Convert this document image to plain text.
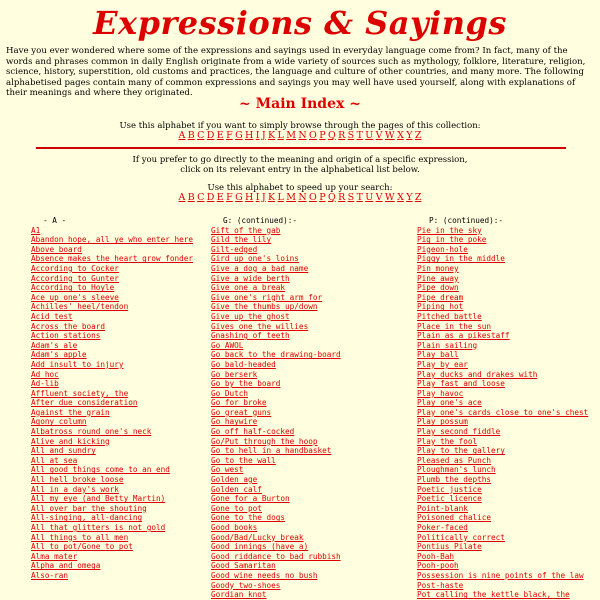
Expressions & Sayings
Have you ever wondered where some of the expressions and sayings used in everyday language come from? In fact, many of the words and phrases common in daily English originate from a wide variety of sources such as mythology, folklore, literature, religion, science, history, superstition, old customs and practices, the language and culture of other countries, and many more. The following alphabetised pages contain many of common expressions and sayings you may well have used yourself, along with explanations of their meanings and where they originated.
~ Main Index ~
Use this alphabet if you want to simply browse through the pages of this collection:
A B C D E F G H I J K L M N O P Q R S T U V W X Y Z
If you prefer to go directly to the meaning and origin of a specific expression,
click on its relevant entry in the alphabetical list below.
Use this alphabet to speed up your search:
A B C D E F G H I J K L M N O P Q R S T U V W X Y Z
- A -
A1
Abandon hope, all ye who enter here
Above board
Absence makes the heart grow fonder
According to Cocker
According to Gunter
According to Hoyle
Ace up one's sleeve
Achilles' heel/tendon
Acid test
Across the board
Action stations
Adam's ale
Adam's apple
Add insult to injury
Ad hoc
Ad-lib
Affluent society, the
After due consideration
Against the grain
Agony column
Albatross round one's neck
Alive and kicking
All and sundry
All at sea
All good things come to an end
All hell broke loose
All in a day's work
All my eye (and Betty Martin)
All over bar the shouting
All-singing, all-dancing
All that glitters is not gold
All things to all men
All to pot/Gone to pot
Alma mater
Alpha and omega
Also-ran
G: (continued):-
Gift of the gab
Gild the lily
Gilt-edged
Gird up one's loins
Give a dog a bad name
Give a wide berth
Give one a break
Give one's right arm for
Give the thumbs up/down
Give up the ghost
Gives one the willies
Gnashing of teeth
Go AWOL
Go back to the drawing-board
Go bald-headed
Go berserk
Go by the board
Go Dutch
Go for broke
Go great guns
Go haywire
Go off half-cocked
Go/Put through the hoop
Go to hell in a handbasket
Go to the wall
Go west
Golden age
Golden calf
Gone for a Burton
Gone to pot
Gone to the dogs
Good books
Good/Bad/Lucky break
Good innings (have a)
Good riddance to bad rubbish
Good Samaritan
Good wine needs no bush
Goody two-shoes
Gordian knot
P: (continued):-
Pie in the sky
Pig in the poke
Pigeon-hole
Piggy in the middle
Pin money
Pine away
Pipe down
Pipe dream
Piping hot
Pitched battle
Place in the sun
Plain as a pikestaff
Plain sailing
Play ball
Play by ear
Play ducks and drakes with
Play fast and loose
Play havoc
Play one's ace
Play one's cards close to one's chest
Play possum
Play second fiddle
Play the fool
Play to the gallery
Pleased as Punch
Ploughman's lunch
Plumb the depths
Poetic justice
Poetic licence
Point-blank
Poisoned chalice
Poker-faced
Politically correct
Pontius Pilate
Pooh-Bah
Pooh-pooh
Possession is nine points of the law
Post-haste
Pot calling the kettle black, the
